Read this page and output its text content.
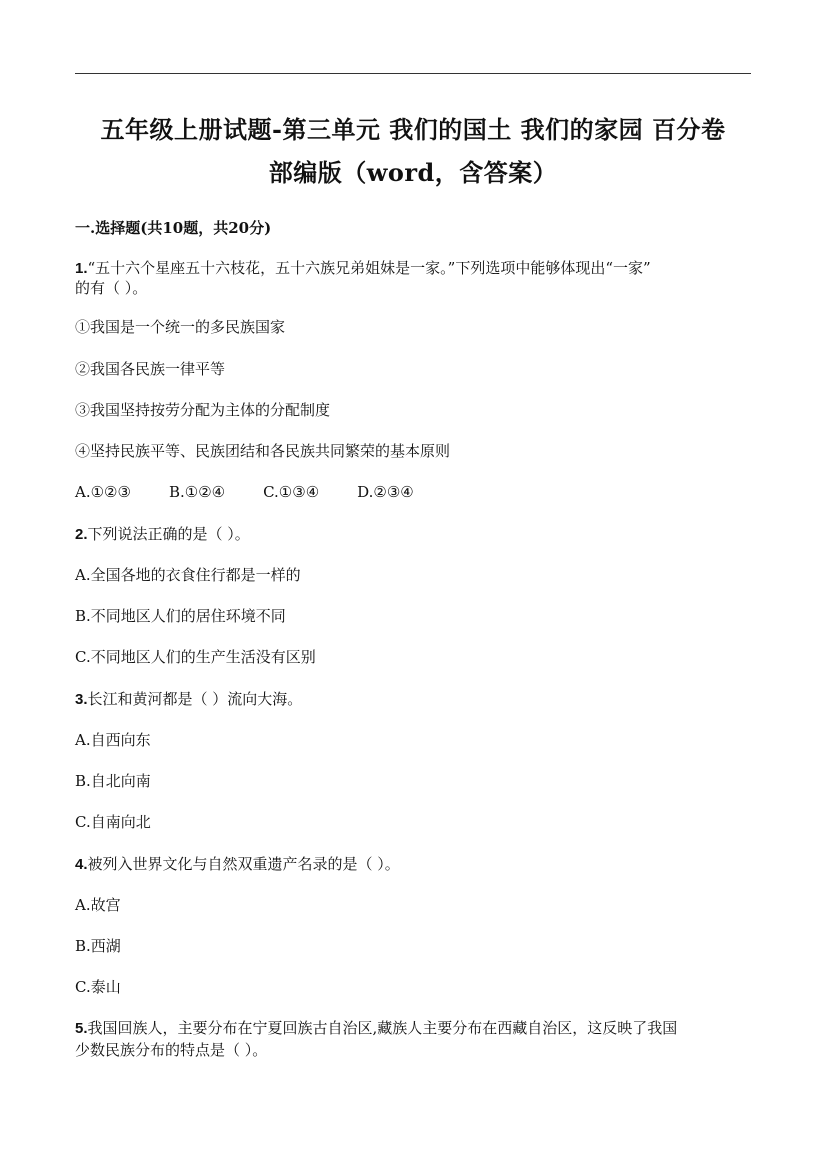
五年级上册试题-第三单元 我们的国土 我们的家园 百分卷
部编版（word，含答案）
一.选择题(共10题，共20分)
1.“五十六个星座五十六枝花，五十六族兄弟姐妹是一家。”下列选项中能够体现出“一家”
的有（ ）。
①我国是一个统一的多民族国家
②我国各民族一律平等
③我国坚持按劳分配为主体的分配制度
④坚持民族平等、民族团结和各民族共同繁荣的基本原则
A.①②③	B.①②④	C.①③④	D.②③④
2.下列说法正确的是（ ）。
A.全国各地的衣食住行都是一样的
B.不同地区人们的居住环境不同
C.不同地区人们的生产生活没有区别
3.长江和黄河都是（ ）流向大海。
A.自西向东
B.自北向南
C.自南向北
4.被列入世界文化与自然双重遗产名录的是（ ）。
A.故宫
B.西湖
C.泰山
5.我国回族人，主要分布在宁夏回族古自治区,藏族人主要分布在西藏自治区，这反映了我国
少数民族分布的特点是（ ）。
